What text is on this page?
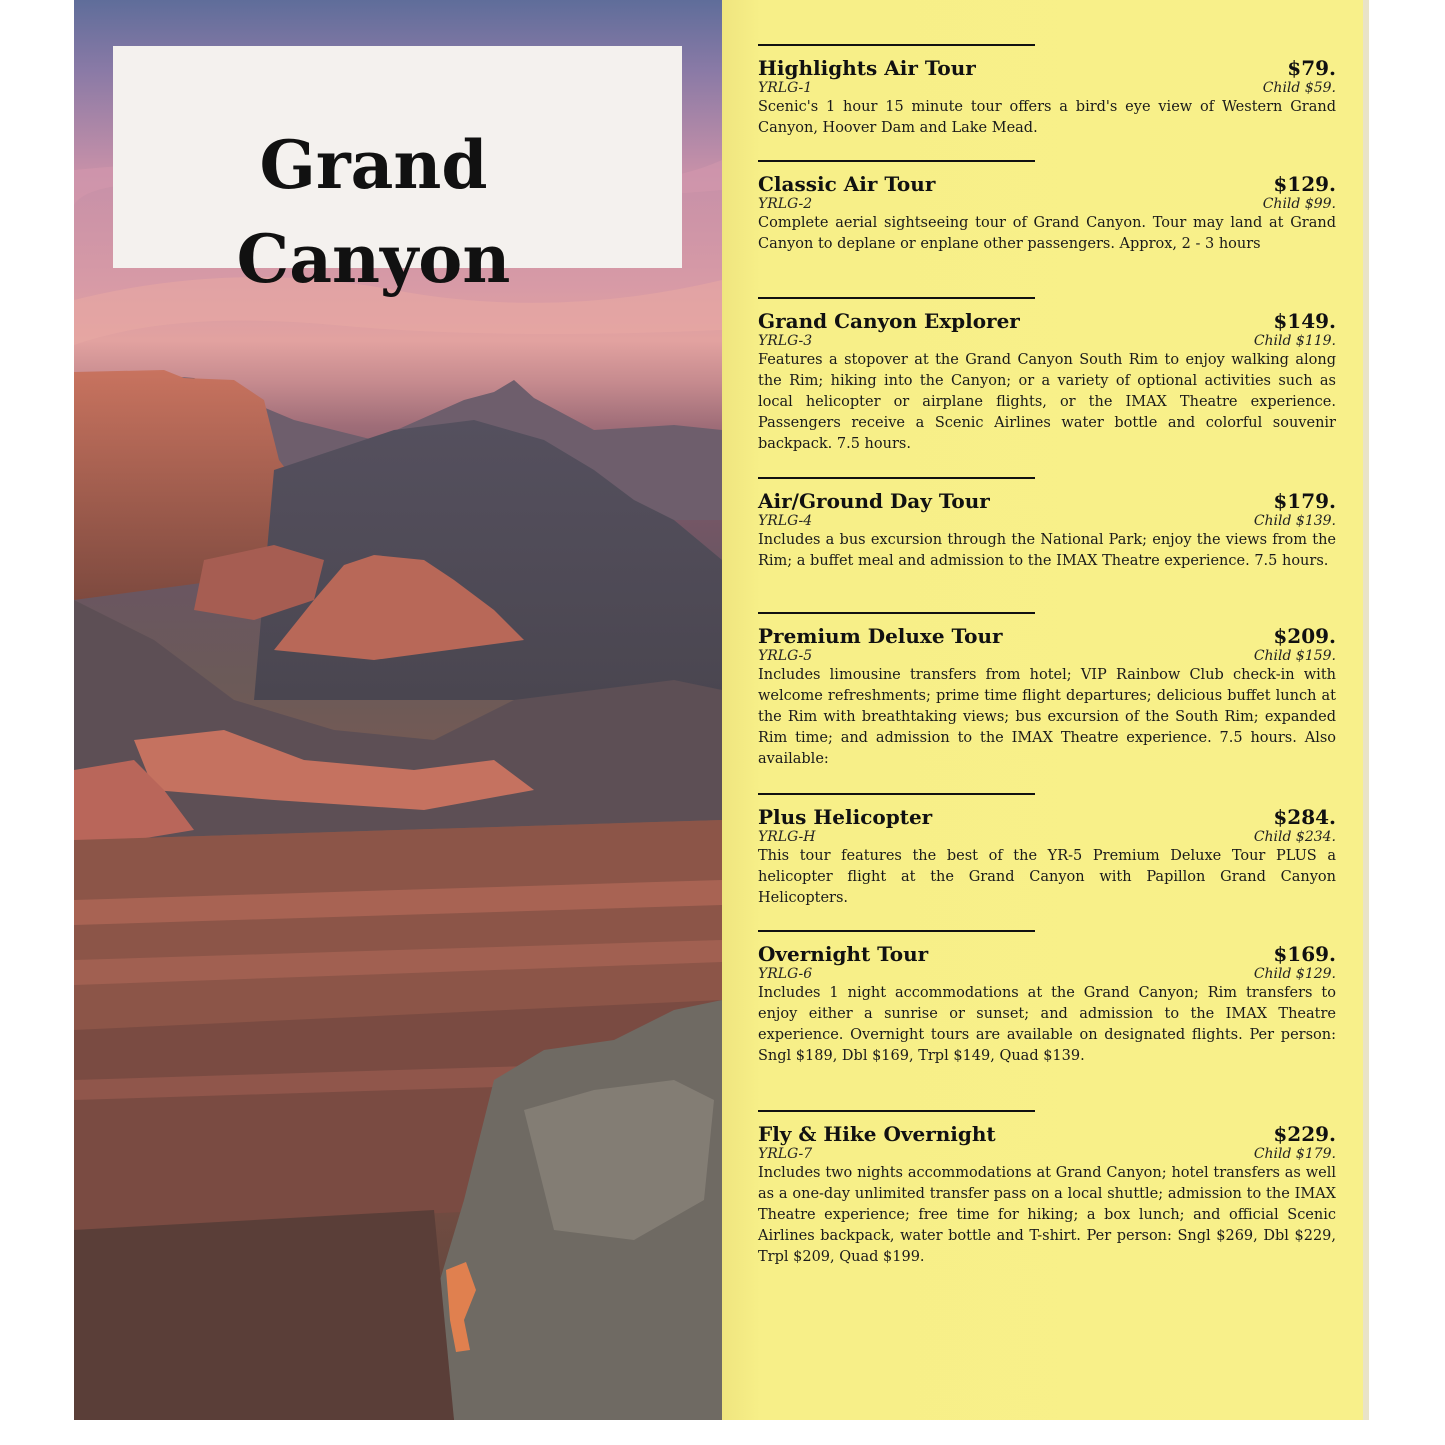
Grand
Canyon
Highlights Air Tour	$79.
YRLG-1	Child $59.

Scenic's 1 hour 15 minute tour offers a bird's eye view of Western Grand Canyon, Hoover Dam and Lake Mead.

Classic Air Tour	$129.
YRLG-2	Child $99.

Complete aerial sightseeing tour of Grand Canyon. Tour may land at Grand Canyon to deplane or enplane other passengers. Approx, 2 - 3 hours

Grand Canyon Explorer	$149.
YRLG-3	Child $119.

Features a stopover at the Grand Canyon South Rim to enjoy walking along the Rim; hiking into the Canyon; or a variety of optional activities such as local helicopter or airplane flights, or the IMAX Theatre experience. Passengers receive a Scenic Airlines water bottle and colorful souvenir backpack. 7.5 hours.

Air/Ground Day Tour	$179.
YRLG-4	Child $139.

Includes a bus excursion through the National Park; enjoy the views from the Rim; a buffet meal and admission to the IMAX Theatre experience. 7.5 hours.

Premium Deluxe Tour	$209.
YRLG-5	Child $159.

Includes limousine transfers from hotel; VIP Rainbow Club check-in with welcome refreshments; prime time flight departures; delicious buffet lunch at the Rim with breathtaking views; bus excursion of the South Rim; expanded Rim time; and admission to the IMAX Theatre experience. 7.5 hours. Also available:

Plus Helicopter	$284.
YRLG-H	Child $234.

This tour features the best of the YR-5 Premium Deluxe Tour PLUS a helicopter flight at the Grand Canyon with Papillon Grand Canyon Helicopters.

Overnight Tour	$169.
YRLG-6	Child $129.

Includes 1 night accommodations at the Grand Canyon; Rim transfers to enjoy either a sunrise or sunset; and admission to the IMAX Theatre experience. Overnight tours are available on designated flights. Per person: Sngl $189, Dbl $169, Trpl $149, Quad $139.

Fly & Hike Overnight	$229.
YRLG-7	Child $179.

Includes two nights accommodations at Grand Canyon; hotel transfers as well as a one-day unlimited transfer pass on a local shuttle; admission to the IMAX Theatre experience; free time for hiking; a box lunch; and official Scenic Airlines backpack, water bottle and T-shirt. Per person: Sngl $269, Dbl $229, Trpl $209, Quad $199.
